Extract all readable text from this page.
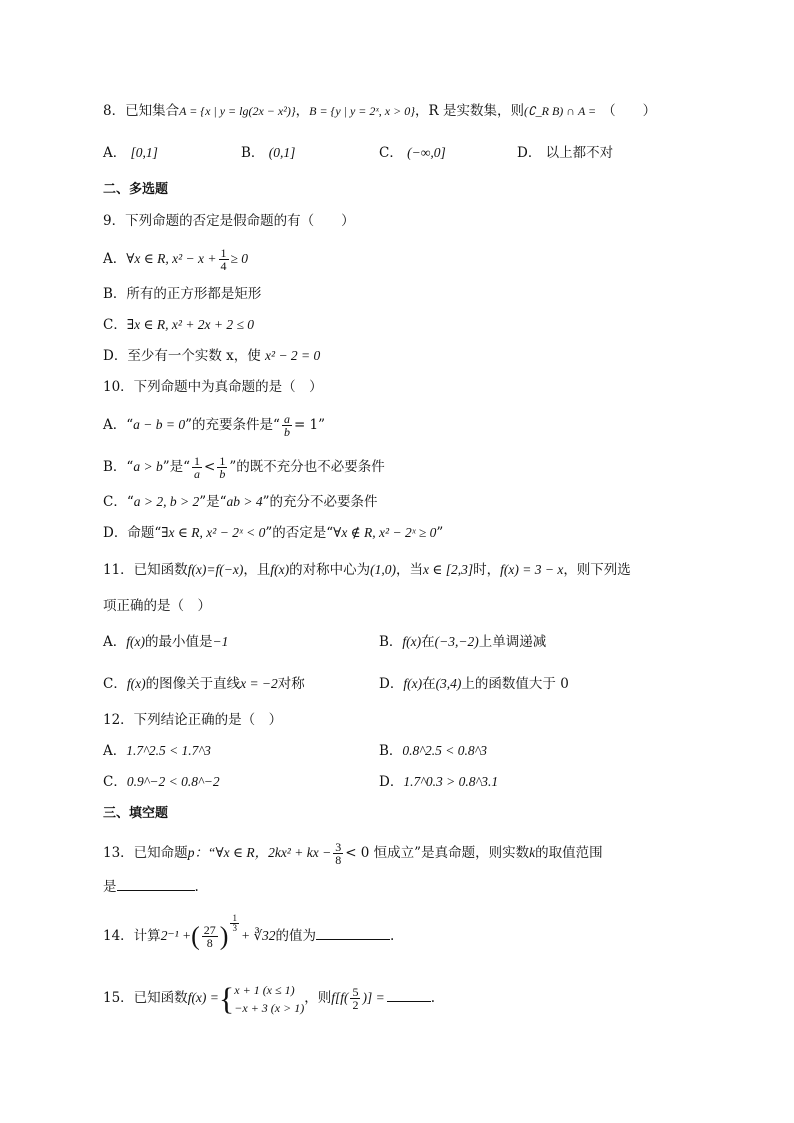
8．已知集合A = {x | y = lg(2x − x²)}，B = {y | y = 2ˣ, x > 0}，R 是实数集，则(∁_R B) ∩ A = （　　）
A． [0,1]	B． (0,1]	C． (−∞,0]	D． 以上都不对
二、多选题
9．下列命题的否定是假命题的有（　　）
A．∀x ∈ R, $x^2 - x + \frac{1}{4} \ge 0$
B．所有的正方形都是矩形
C．∃x ∈ R, x² + 2x + 2 ≤ 0
D．至少有一个实数 x，使 x² − 2 = 0
10．下列命题中为真命题的是（　）
A．“a − b = 0”的充要条件是“ $\frac{a}{b} = 1$”
B．“a > b”是“ $\frac{1}{a} < \frac{1}{b}$ ”的既不充分也不必要条件
C．“a > 2, b > 2”是“ab > 4”的充分不必要条件
D．命题“∃x ∈ R, x² − 2ˣ < 0”的否定是“∀x ∉ R, x² − 2ˣ ≥ 0”
11．已知函数f(x)=f(−x)，且f(x)的对称中心为(1,0)，当x ∈ [2,3]时，f(x) = 3 − x，则下列选
项正确的是（　）
A．f(x)的最小值是−1	B．f(x)在(−3,−2)上单调递减
C．f(x)的图像关于直线x = −2对称	D．f(x)在(3,4)上的函数值大于 0
12．下列结论正确的是（　）
A．1.7^2.5 < 1.7^3	B．0.8^2.5 < 0.8^3
C．0.9^−2 < 0.8^−2	D．1.7^0.3 > 0.8^3.1
三、填空题
13．已知命题p：“∀x ∈ R，2kx² + kx − $\frac{3}{8} < 0$ 恒成立”是真命题，则实数k的取值范围
是	.
14．计算2⁻¹ +( $\frac{27}{8}$ ) $\frac{1}{3}$
+ ∛32的值为	.
15．已知函数f(x) ={ x + 1 (x ≤ 1)
−x + 3 (x > 1)
，则$f[f( \frac{5}{2}$ )] =	.
